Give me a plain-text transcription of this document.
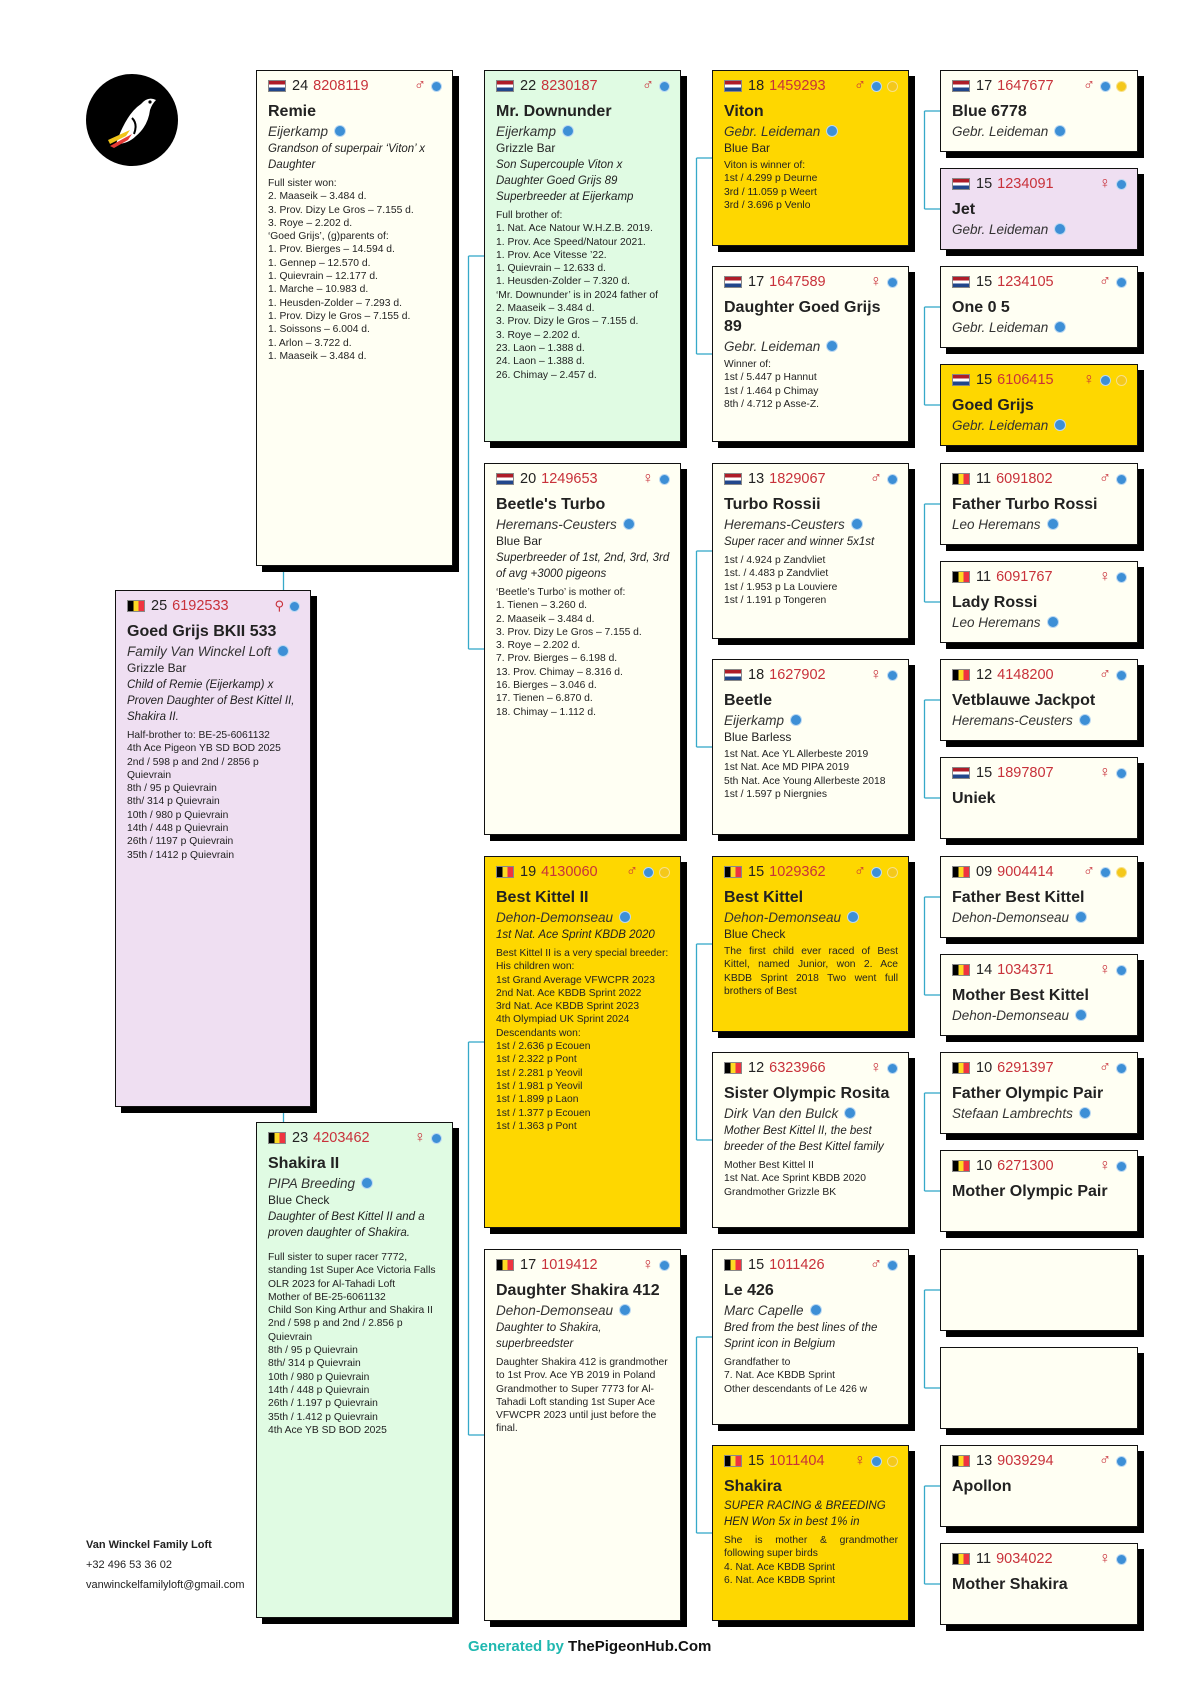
25 6192533	⚲
Goed Grijs BKII 533
Family Van Winckel Loft
Grizzle Bar
Child of Remie (Eijerkamp) x Proven Daughter of Best Kittel II, Shakira II.
Half-brother to: BE-25-6061132
4th Ace Pigeon YB SD BOD 2025
2nd / 598 p and 2nd / 2856 p Quievrain
8th / 95 p Quievrain
8th/ 314 p Quievrain
10th / 980 p Quievrain
14th / 448 p Quievrain
26th / 1197 p Quievrain
35th / 1412 p Quievrain
24 8208119	♂
Remie
Eijerkamp
Grandson of superpair ‘Viton’ x Daughter
Full sister won:
2. Maaseik – 3.484 d.
3. Prov. Dizy Le Gros – 7.155 d.
3. Roye – 2.202 d.
‘Goed Grijs’, (g)parents of:
1. Prov. Bierges – 14.594 d.
1. Gennep – 12.570 d.
1. Quievrain – 12.177 d.
1. Marche – 10.983 d.
1. Heusden-Zolder – 7.293 d.
1. Prov. Dizy le Gros – 7.155 d.
1. Soissons – 6.004 d.
1. Arlon – 3.722 d.
1. Maaseik – 3.484 d.
23 4203462	♀
Shakira II
PIPA Breeding
Blue Check
Daughter of Best Kittel II and a proven daughter of Shakira.
Full sister to super racer 7772, standing 1st Super Ace Victoria Falls OLR 2023 for Al-Tahadi Loft
Mother of BE-25-6061132
Child Son King Arthur and Shakira II
2nd / 598 p and 2nd / 2.856 p Quievrain
8th / 95 p Quievrain
8th/ 314 p Quievrain
10th / 980 p Quievrain
14th / 448 p Quievrain
26th / 1.197 p Quievrain
35th / 1.412 p Quievrain
4th Ace YB SD BOD 2025
22 8230187	♂
Mr. Downunder
Eijerkamp
Grizzle Bar
Son Supercouple Viton x Daughter Goed Grijs 89
Superbreeder at Eijerkamp
Full brother of:
1. Nat. Ace Natour W.H.Z.B. 2019.
1. Prov. Ace Speed/Natour 2021.
1. Prov. Ace Vitesse ’22.
1. Quievrain – 12.633 d.
1. Heusden-Zolder – 7.320 d.
‘Mr. Downunder’ is in 2024 father of
2. Maaseik – 3.484 d.
3. Prov. Dizy le Gros – 7.155 d.
3. Roye – 2.202 d.
23. Laon – 1.388 d.
24. Laon – 1.388 d.
26. Chimay – 2.457 d.
20 1249653	♀
Beetle's Turbo
Heremans-Ceusters
Blue Bar
Superbreeder of 1st, 2nd, 3rd, 3rd of avg +3000 pigeons
‘Beetle’s Turbo’ is mother of:
1. Tienen – 3.260 d.
2. Maaseik – 3.484 d.
3. Prov. Dizy Le Gros – 7.155 d.
3. Roye – 2.202 d.
7. Prov. Bierges – 6.198 d.
13. Prov. Chimay – 8.316 d.
16. Bierges – 3.046 d.
17. Tienen – 6.870 d.
18. Chimay – 1.112 d.
19 4130060 ♂
Best Kittel II
Dehon-Demonseau
1st Nat. Ace Sprint KBDB 2020
Best Kittel II is a very special breeder:
His children won:
1st Grand Average VFWCPR 2023
2nd Nat. Ace KBDB Sprint 2022
3rd Nat. Ace KBDB Sprint 2023
4th Olympiad UK Sprint 2024
Descendants won:
1st / 2.636 p Ecouen
1st / 2.322 p Pont
1st / 2.281 p Yeovil
1st / 1.981 p Yeovil
1st / 1.899 p Laon
1st / 1.377 p Ecouen
1st / 1.363 p Pont
17 1019412	♀
Daughter Shakira 412
Dehon-Demonseau
Daughter to Shakira, superbreedster
Daughter Shakira 412 is grandmother to 1st Prov. Ace YB 2019 in Poland
Grandmother to Super 7773 for Al-Tahadi Loft standing 1st Super Ace VFWCPR 2023 until just before the final.
18 1459293 ♂
Viton
Gebr. Leideman
Blue Bar
Viton is winner of:
1st / 4.299 p Deurne
3rd / 11.059 p Weert
3rd / 3.696 p Venlo
17 1647589	♀
Daughter Goed Grijs 89
Gebr. Leideman
Winner of:
1st / 5.447 p Hannut
1st / 1.464 p Chimay
8th / 4.712 p Asse-Z.
13 1829067	♂
Turbo Rossii
Heremans-Ceusters
Super racer and winner 5x1st
1st / 4.924 p Zandvliet
1st. / 4.483 p Zandvliet
1st / 1.953 p La Louviere
1st / 1.191 p Tongeren
18 1627902	♀
Beetle
Eijerkamp
Blue Barless
1st Nat. Ace YL Allerbeste 2019
1st Nat. Ace MD PIPA 2019
5th Nat. Ace Young Allerbeste 2018
1st / 1.597 p Niergnies
15 1029362 ♂
Best Kittel
Dehon-Demonseau
Blue Check
The first child ever raced of Best Kittel, named Junior, won 2. Ace KBDB Sprint 2018 Two went full brothers of Best
12 6323966	♀
Sister Olympic Rosita
Dirk Van den Bulck
Mother Best Kittel II, the best breeder of the Best Kittel family
Mother Best Kittel II
1st Nat. Ace Sprint KBDB 2020
Grandmother Grizzle BK
15 1011426	♂
Le 426
Marc Capelle
Bred from the best lines of the Sprint icon in Belgium
Grandfather to
7. Nat. Ace KBDB Sprint
Other descendants of Le 426 w
15 1011404 ♀
Shakira
SUPER RACING & BREEDING HEN Won 5x in best 1% in
She is mother & grandmother following super birds
4. Nat. Ace KBDB Sprint
6. Nat. Ace KBDB Sprint
17 1647677 ♂
Blue 6778
Gebr. Leideman
15 1234091	♀
Jet
Gebr. Leideman
15 1234105	♂
One 0 5
Gebr. Leideman
15 6106415 ♀
Goed Grijs
Gebr. Leideman
11 6091802	♂
Father Turbo Rossi
Leo Heremans
11 6091767	♀
Lady Rossi
Leo Heremans
12 4148200	♂
Vetblauwe Jackpot
Heremans-Ceusters
15 1897807	♀
Uniek
09 9004414 ♂
Father Best Kittel
Dehon-Demonseau
14 1034371	♀
Mother Best Kittel
Dehon-Demonseau
10 6291397	♂
Father Olympic Pair
Stefaan Lambrechts
10 6271300	♀
Mother Olympic Pair
13 9039294	♂
Apollon
11 9034022	♀
Mother Shakira
Van Winckel Family Loft
+32 496 53 36 02
vanwinckelfamilyloft@gmail.com
Generated by ThePigeonHub.Com
